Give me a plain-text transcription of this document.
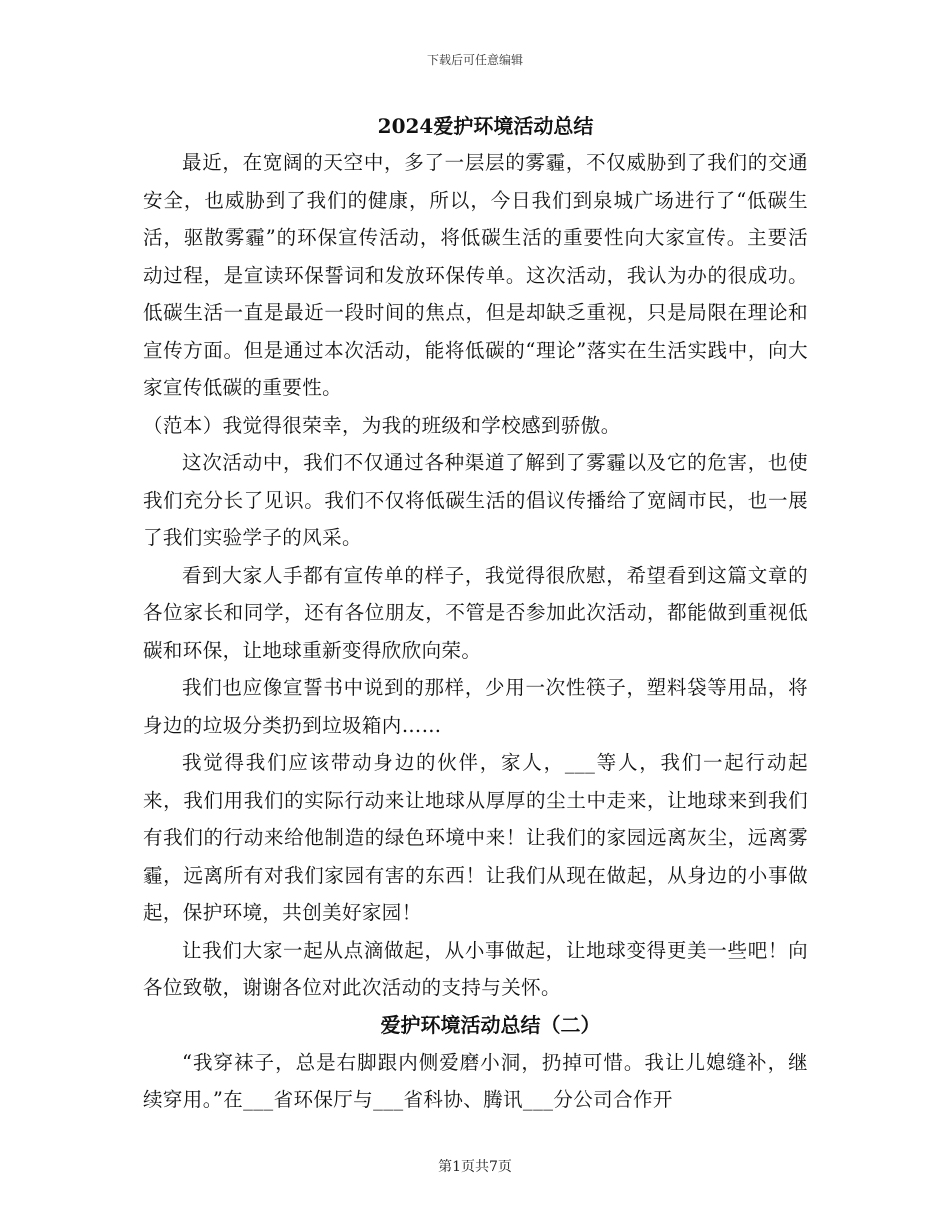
下载后可任意编辑
2024爱护环境活动总结

最近，在宽阔的天空中，多了一层层的雾霾，不仅威胁到了我们的交通安全，也威胁到了我们的健康，所以，今日我们到泉城广场进行了“低碳生活，驱散雾霾”的环保宣传活动，将低碳生活的重要性向大家宣传。主要活动过程，是宣读环保誓词和发放环保传单。这次活动，我认为办的很成功。低碳生活一直是最近一段时间的焦点，但是却缺乏重视，只是局限在理论和宣传方面。但是通过本次活动，能将低碳的“理论”落实在生活实践中，向大家宣传低碳的重要性。

（范本）我觉得很荣幸，为我的班级和学校感到骄傲。

这次活动中，我们不仅通过各种渠道了解到了雾霾以及它的危害，也使我们充分长了见识。我们不仅将低碳生活的倡议传播给了宽阔市民，也一展了我们实验学子的风采。

看到大家人手都有宣传单的样子，我觉得很欣慰，希望看到这篇文章的各位家长和同学，还有各位朋友，不管是否参加此次活动，都能做到重视低碳和环保，让地球重新变得欣欣向荣。

我们也应像宣誓书中说到的那样，少用一次性筷子，塑料袋等用品，将身边的垃圾分类扔到垃圾箱内……

我觉得我们应该带动身边的伙伴，家人，___等人，我们一起行动起来，我们用我们的实际行动来让地球从厚厚的尘土中走来，让地球来到我们有我们的行动来给他制造的绿色环境中来！让我们的家园远离灰尘，远离雾霾，远离所有对我们家园有害的东西！让我们从现在做起，从身边的小事做起，保护环境，共创美好家园！

让我们大家一起从点滴做起，从小事做起，让地球变得更美一些吧！向各位致敬，谢谢各位对此次活动的支持与关怀。

爱护环境活动总结（二）

“我穿袜子，总是右脚跟内侧爱磨小洞，扔掉可惜。我让儿媳缝补，继续穿用。”在___省环保厅与___省科协、腾讯___分公司合作开

第1页共7页
